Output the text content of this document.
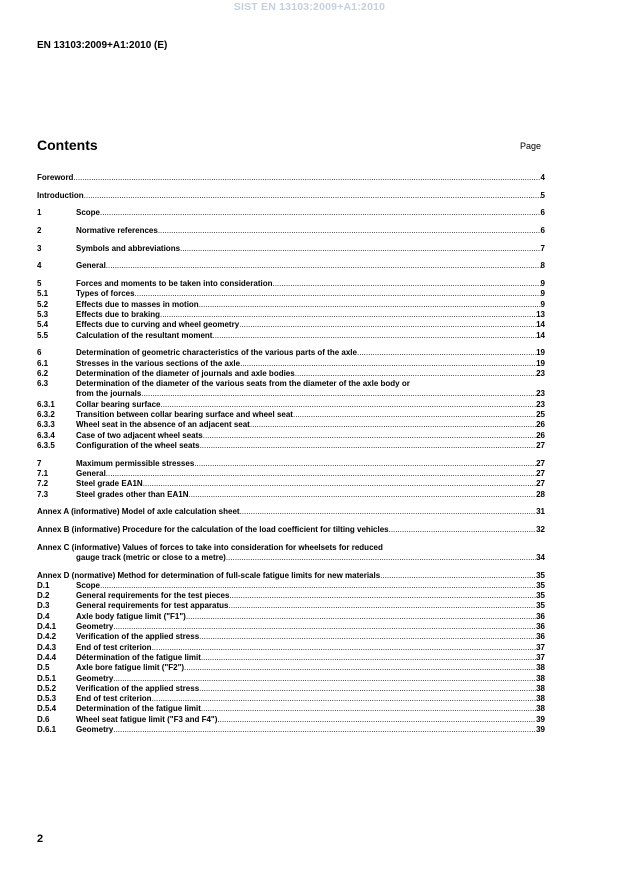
SIST EN 13103:2009+A1:2010
EN 13103:2009+A1:2010 (E)
Contents	Page
Foreword .....	4
Introduction .....	5
1	Scope .....	6
2	Normative references .....	6
3	Symbols and abbreviations .....	7
4	General .....	8
5	Forces and moments to be taken into consideration .....	9
5.1	Types of forces .....	9
5.2	Effects due to masses in motion .....	9
5.3	Effects due to braking .....	13
5.4	Effects due to curving and wheel geometry .....	14
5.5	Calculation of the resultant moment .....	14
6	Determination of geometric characteristics of the various parts of the axle .....	19
6.1	Stresses in the various sections of the axle .....	19
6.2	Determination of the diameter of journals and axle bodies .....	23
6.3	Determination of the diameter of the various seats from the diameter of the axle body or
from the journals .....	23
6.3.1	Collar bearing surface .....	23
6.3.2	Transition between collar bearing surface and wheel seat .....	25
6.3.3	Wheel seat in the absence of an adjacent seat .....	26
6.3.4	Case of two adjacent wheel seats .....	26
6.3.5	Configuration of the wheel seats .....	27
7	Maximum permissible stresses .....	27
7.1	General .....	27
7.2	Steel grade EA1N .....	27
7.3	Steel grades other than EA1N .....	28
Annex A (informative) Model of axle calculation sheet .....	31
Annex B (informative) Procedure for the calculation of the load coefficient for tilting vehicles .....	32
Annex C (informative) Values of forces to take into consideration for wheelsets for reduced
gauge track (metric or close to a metre) .....	34
Annex D (normative) Method for determination of full-scale fatigue limits for new materials .....	35
D.1	Scope .....	35
D.2	General requirements for the test pieces .....	35
D.3	General requirements for test apparatus .....	35
D.4	Axle body fatigue limit ("F1") .....	36
D.4.1 Geometry .....	36
D.4.2 Verification of the applied stress .....	36
D.4.3 End of test criterion .....	37
D.4.4 Détermination of the fatigue limit .....	37
D.5	Axle bore fatigue limit ("F2") .....	38
D.5.1 Geometry .....	38
D.5.2 Verification of the applied stress .....	38
D.5.3 End of test criterion .....	38
D.5.4 Determination of the fatigue limit .....	38
D.6	Wheel seat fatigue limit ("F3 and F4") .....	39
D.6.1 Geometry .....	39
2
